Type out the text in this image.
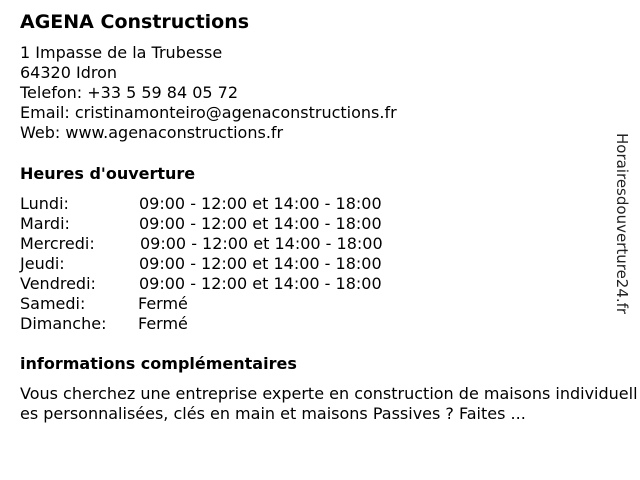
AGENA Constructions
1 Impasse de la Trubesse
64320 Idron
Telefon: +33 5 59 84 05 72
Email: cristinamonteiro@agenaconstructions.fr
Web: www.agenaconstructions.fr
Heures d'ouverture
Lundi:	09:00 - 12:00 et 14:00 - 18:00
Mardi:	09:00 - 12:00 et 14:00 - 18:00
Mercredi:	09:00 - 12:00 et 14:00 - 18:00
Jeudi:	09:00 - 12:00 et 14:00 - 18:00
Vendredi:	09:00 - 12:00 et 14:00 - 18:00
Samedi:	Fermé
Dimanche: Fermé
informations complémentaires
Vous cherchez une entreprise experte en construction de maisons individuelles personnalisées, clés en main et maisons Passives ? Faites ...
Horairesdouverture24.fr
